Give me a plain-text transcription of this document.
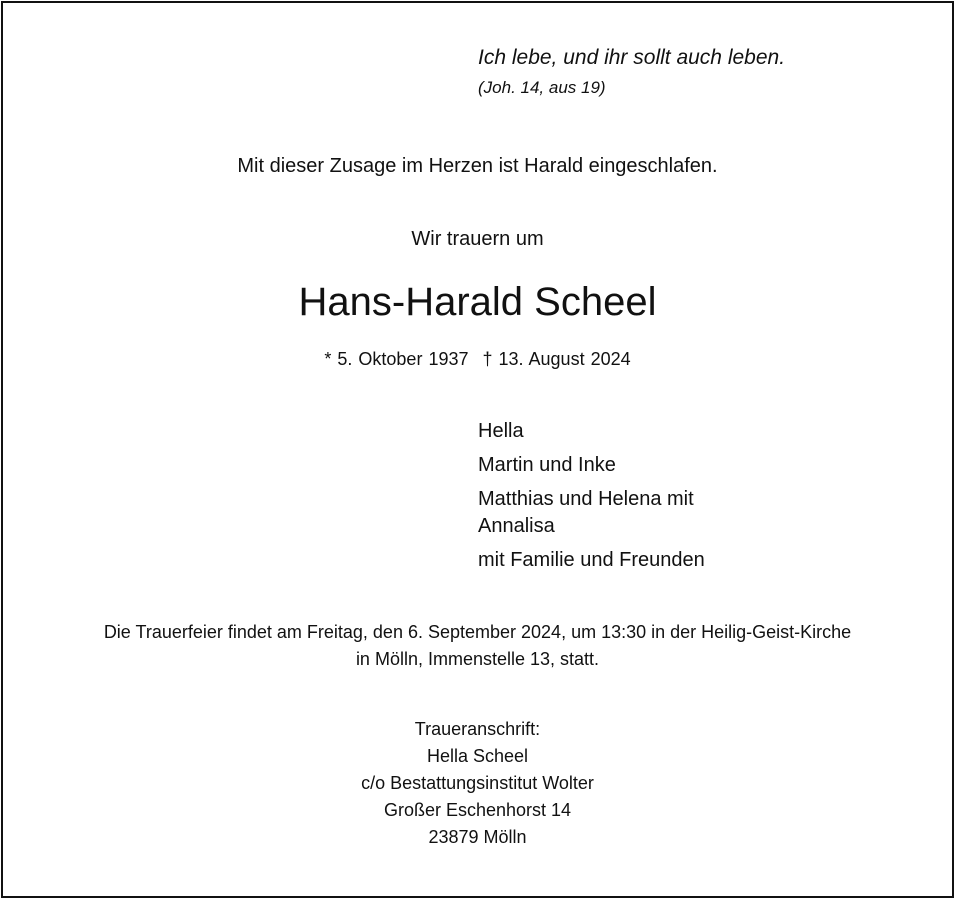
Ich lebe, und ihr sollt auch leben.
(Joh. 14, aus 19)
Mit dieser Zusage im Herzen ist Harald eingeschlafen.
Wir trauern um
Hans-Harald Scheel
* 5. Oktober 1937 † 13. August 2024
Hella
Martin und Inke
Matthias und Helena mit
Annalisa
mit Familie und Freunden
Die Trauerfeier findet am Freitag, den 6. September 2024, um 13:30 in der Heilig-Geist-Kirche
in Mölln, Immenstelle 13, statt.
Traueranschrift:
Hella Scheel
c/o Bestattungsinstitut Wolter
Großer Eschenhorst 14
23879 Mölln
